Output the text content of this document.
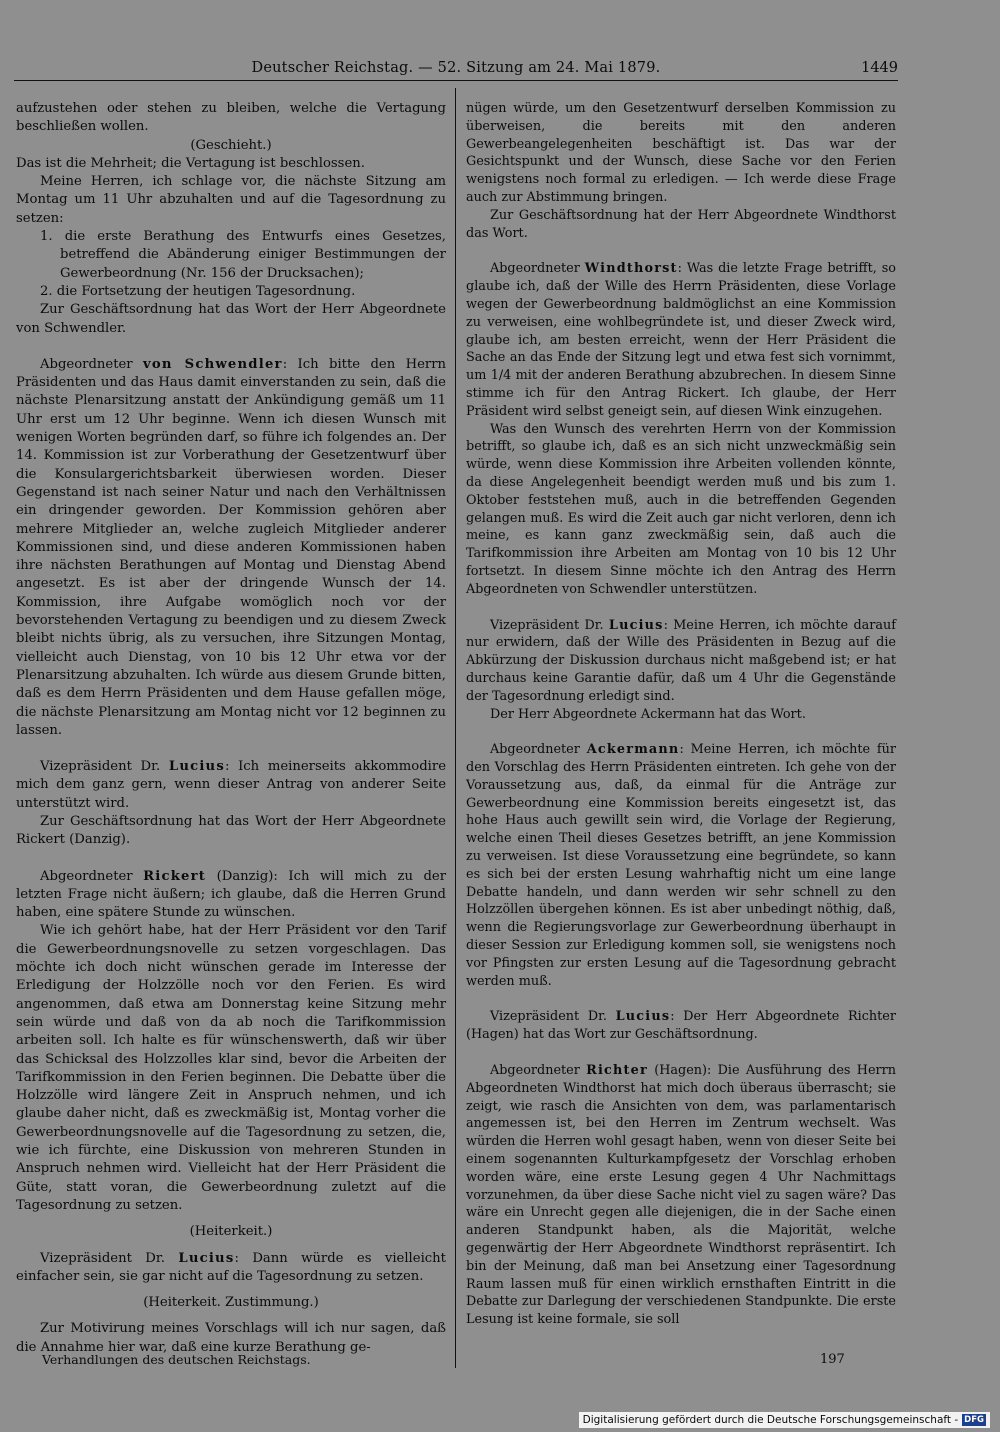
Deutscher Reichstag. — 52. Sitzung am 24. Mai 1879.	1449

aufzustehen oder stehen zu bleiben, welche die Vertagung beschließen wollen.

(Geschieht.)

Das ist die Mehrheit; die Vertagung ist beschlossen.

Meine Herren, ich schlage vor, die nächste Sitzung am Montag um 11 Uhr abzuhalten und auf die Tagesordnung zu setzen:

1. die erste Berathung des Entwurfs eines Gesetzes, betreffend die Abänderung einiger Bestimmungen der Gewerbeordnung (Nr. 156 der Drucksachen);

2. die Fortsetzung der heutigen Tagesordnung.

Zur Geschäftsordnung hat das Wort der Herr Abgeordnete von Schwendler.

Abgeordneter von Schwendler: Ich bitte den Herrn Präsidenten und das Haus damit einverstanden zu sein, daß die nächste Plenarsitzung anstatt der Ankündigung gemäß um 11 Uhr erst um 12 Uhr beginne. Wenn ich diesen Wunsch mit wenigen Worten begründen darf, so führe ich folgendes an. Der 14. Kommission ist zur Vorberathung der Gesetzentwurf über die Konsulargerichtsbarkeit überwiesen worden. Dieser Gegenstand ist nach seiner Natur und nach den Verhältnissen ein dringender geworden. Der Kommission gehören aber mehrere Mitglieder an, welche zugleich Mitglieder anderer Kommissionen sind, und diese anderen Kommissionen haben ihre nächsten Berathungen auf Montag und Dienstag Abend angesetzt. Es ist aber der dringende Wunsch der 14. Kommission, ihre Aufgabe womöglich noch vor der bevorstehenden Vertagung zu beendigen und zu diesem Zweck bleibt nichts übrig, als zu versuchen, ihre Sitzungen Montag, vielleicht auch Dienstag, von 10 bis 12 Uhr etwa vor der Plenarsitzung abzuhalten. Ich würde aus diesem Grunde bitten, daß es dem Herrn Präsidenten und dem Hause gefallen möge, die nächste Plenarsitzung am Montag nicht vor 12 beginnen zu lassen.

Vizepräsident Dr. Lucius: Ich meinerseits akkommodire mich dem ganz gern, wenn dieser Antrag von anderer Seite unterstützt wird.

Zur Geschäftsordnung hat das Wort der Herr Abgeordnete Rickert (Danzig).

Abgeordneter Rickert (Danzig): Ich will mich zu der letzten Frage nicht äußern; ich glaube, daß die Herren Grund haben, eine spätere Stunde zu wünschen.

Wie ich gehört habe, hat der Herr Präsident vor den Tarif die Gewerbeordnungsnovelle zu setzen vorgeschlagen. Das möchte ich doch nicht wünschen gerade im Interesse der Erledigung der Holzzölle noch vor den Ferien. Es wird angenommen, daß etwa am Donnerstag keine Sitzung mehr sein würde und daß von da ab noch die Tarifkommission arbeiten soll. Ich halte es für wünschenswerth, daß wir über das Schicksal des Holzzolles klar sind, bevor die Arbeiten der Tarifkommission in den Ferien beginnen. Die Debatte über die Holzzölle wird längere Zeit in Anspruch nehmen, und ich glaube daher nicht, daß es zweckmäßig ist, Montag vorher die Gewerbeordnungsnovelle auf die Tagesordnung zu setzen, die, wie ich fürchte, eine Diskussion von mehreren Stunden in Anspruch nehmen wird. Vielleicht hat der Herr Präsident die Güte, statt voran, die Gewerbeordnung zuletzt auf die Tagesordnung zu setzen.

(Heiterkeit.)

Vizepräsident Dr. Lucius: Dann würde es vielleicht einfacher sein, sie gar nicht auf die Tagesordnung zu setzen.

(Heiterkeit. Zustimmung.)

Zur Motivirung meines Vorschlags will ich nur sagen, daß die Annahme hier war, daß eine kurze Berathung ge-

nügen würde, um den Gesetzentwurf derselben Kommission zu überweisen, die bereits mit den anderen Gewerbeangelegenheiten beschäftigt ist. Das war der Gesichtspunkt und der Wunsch, diese Sache vor den Ferien wenigstens noch formal zu erledigen. — Ich werde diese Frage auch zur Abstimmung bringen.

Zur Geschäftsordnung hat der Herr Abgeordnete Windthorst das Wort.

Abgeordneter Windthorst: Was die letzte Frage betrifft, so glaube ich, daß der Wille des Herrn Präsidenten, diese Vorlage wegen der Gewerbeordnung baldmöglichst an eine Kommission zu verweisen, eine wohlbegründete ist, und dieser Zweck wird, glaube ich, am besten erreicht, wenn der Herr Präsident die Sache an das Ende der Sitzung legt und etwa fest sich vornimmt, um 1/4 mit der anderen Berathung abzubrechen. In diesem Sinne stimme ich für den Antrag Rickert. Ich glaube, der Herr Präsident wird selbst geneigt sein, auf diesen Wink einzugehen.

Was den Wunsch des verehrten Herrn von der Kommission betrifft, so glaube ich, daß es an sich nicht unzweckmäßig sein würde, wenn diese Kommission ihre Arbeiten vollenden könnte, da diese Angelegenheit beendigt werden muß und bis zum 1. Oktober feststehen muß, auch in die betreffenden Gegenden gelangen muß. Es wird die Zeit auch gar nicht verloren, denn ich meine, es kann ganz zweckmäßig sein, daß auch die Tarifkommission ihre Arbeiten am Montag von 10 bis 12 Uhr fortsetzt. In diesem Sinne möchte ich den Antrag des Herrn Abgeordneten von Schwendler unterstützen.

Vizepräsident Dr. Lucius: Meine Herren, ich möchte darauf nur erwidern, daß der Wille des Präsidenten in Bezug auf die Abkürzung der Diskussion durchaus nicht maßgebend ist; er hat durchaus keine Garantie dafür, daß um 4 Uhr die Gegenstände der Tagesordnung erledigt sind.

Der Herr Abgeordnete Ackermann hat das Wort.

Abgeordneter Ackermann: Meine Herren, ich möchte für den Vorschlag des Herrn Präsidenten eintreten. Ich gehe von der Voraussetzung aus, daß, da einmal für die Anträge zur Gewerbeordnung eine Kommission bereits eingesetzt ist, das hohe Haus auch gewillt sein wird, die Vorlage der Regierung, welche einen Theil dieses Gesetzes betrifft, an jene Kommission zu verweisen. Ist diese Voraussetzung eine begründete, so kann es sich bei der ersten Lesung wahrhaftig nicht um eine lange Debatte handeln, und dann werden wir sehr schnell zu den Holzzöllen übergehen können. Es ist aber unbedingt nöthig, daß, wenn die Regierungsvorlage zur Gewerbeordnung überhaupt in dieser Session zur Erledigung kommen soll, sie wenigstens noch vor Pfingsten zur ersten Lesung auf die Tagesordnung gebracht werden muß.

Vizepräsident Dr. Lucius: Der Herr Abgeordnete Richter (Hagen) hat das Wort zur Geschäftsordnung.

Abgeordneter Richter (Hagen): Die Ausführung des Herrn Abgeordneten Windthorst hat mich doch überaus überrascht; sie zeigt, wie rasch die Ansichten von dem, was parlamentarisch angemessen ist, bei den Herren im Zentrum wechselt. Was würden die Herren wohl gesagt haben, wenn von dieser Seite bei einem sogenannten Kulturkampfgesetz der Vorschlag erhoben worden wäre, eine erste Lesung gegen 4 Uhr Nachmittags vorzunehmen, da über diese Sache nicht viel zu sagen wäre? Das wäre ein Unrecht gegen alle diejenigen, die in der Sache einen anderen Standpunkt haben, als die Majorität, welche gegenwärtig der Herr Abgeordnete Windthorst repräsentirt. Ich bin der Meinung, daß man bei Ansetzung einer Tagesordnung Raum lassen muß für einen wirklich ernsthaften Eintritt in die Debatte zur Darlegung der verschiedenen Standpunkte. Die erste Lesung ist keine formale, sie soll

Verhandlungen des deutschen Reichstags.	197
Digitalisierung gefördert durch die Deutsche Forschungsgemeinschaft - DFG
